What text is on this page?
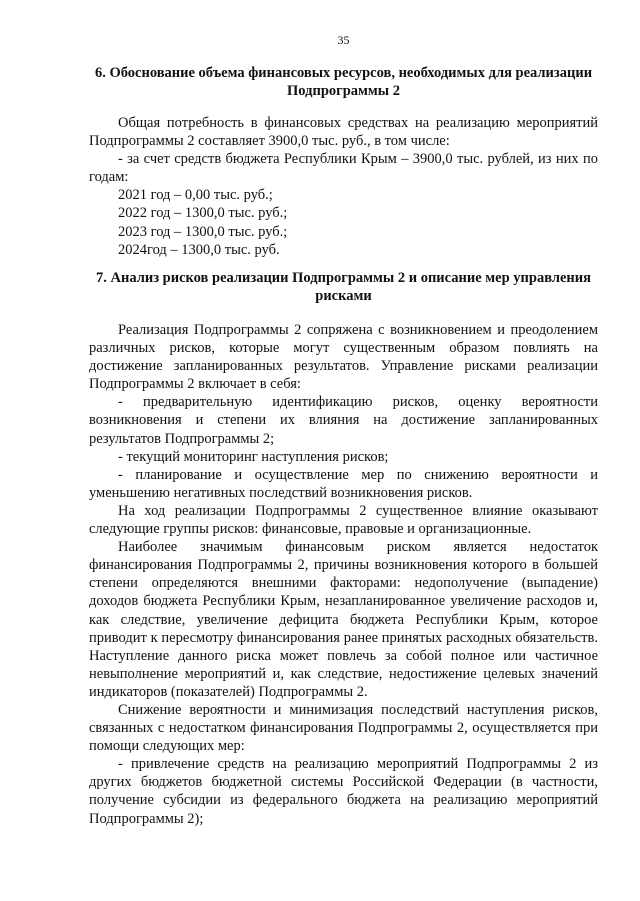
35
6. Обоснование объема финансовых ресурсов, необходимых для реализации Подпрограммы 2

Общая потребность в финансовых средствах на реализацию мероприятий Подпрограммы 2 составляет 3900,0 тыс. руб., в том числе:

- за счет средств бюджета Республики Крым – 3900,0 тыс. рублей, из них по годам:

2021 год – 0,00 тыс. руб.;

2022 год – 1300,0 тыс. руб.;

2023 год – 1300,0 тыс. руб.;

2024год – 1300,0 тыс. руб.

7. Анализ рисков реализации Подпрограммы 2 и описание мер управления рисками

Реализация Подпрограммы 2 сопряжена с возникновением и преодолением различных рисков, которые могут существенным образом повлиять на достижение запланированных результатов. Управление рисками реализации Подпрограммы 2 включает в себя:

- предварительную идентификацию рисков, оценку вероятности возникновения и степени их влияния на достижение запланированных результатов Подпрограммы 2;

- текущий мониторинг наступления рисков;

- планирование и осуществление мер по снижению вероятности и уменьшению негативных последствий возникновения рисков.

На ход реализации Подпрограммы 2 существенное влияние оказывают следующие группы рисков: финансовые, правовые и организационные.

Наиболее значимым финансовым риском является недостаток финансирования Подпрограммы 2, причины возникновения которого в большей степени определяются внешними факторами: недополучение (выпадение) доходов бюджета Республики Крым, незапланированное увеличение расходов и, как следствие, увеличение дефицита бюджета Республики Крым, которое приводит к пересмотру финансирования ранее принятых расходных обязательств. Наступление данного риска может повлечь за собой полное или частичное невыполнение мероприятий и, как следствие, недостижение целевых значений индикаторов (показателей) Подпрограммы 2.

Снижение вероятности и минимизация последствий наступления рисков, связанных с недостатком финансирования Подпрограммы 2, осуществляется при помощи следующих мер:

- привлечение средств на реализацию мероприятий Подпрограммы 2 из других бюджетов бюджетной системы Российской Федерации (в частности, получение субсидии из федерального бюджета на реализацию мероприятий Подпрограммы 2);
